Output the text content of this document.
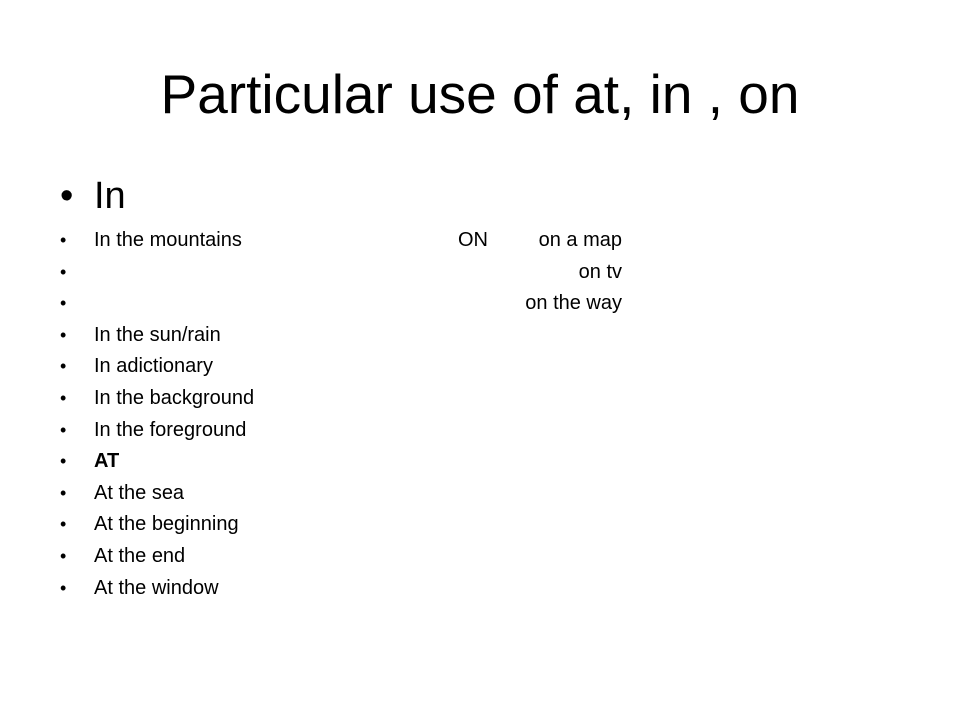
Particular use of at, in , on
• In
• In the mountains	ON	on a map
•	on tv
•	on the way
• In the sun/rain
• In adictionary
• In the background
• In the foreground
• AT
• At the sea
• At the beginning
• At the end
• At the window
